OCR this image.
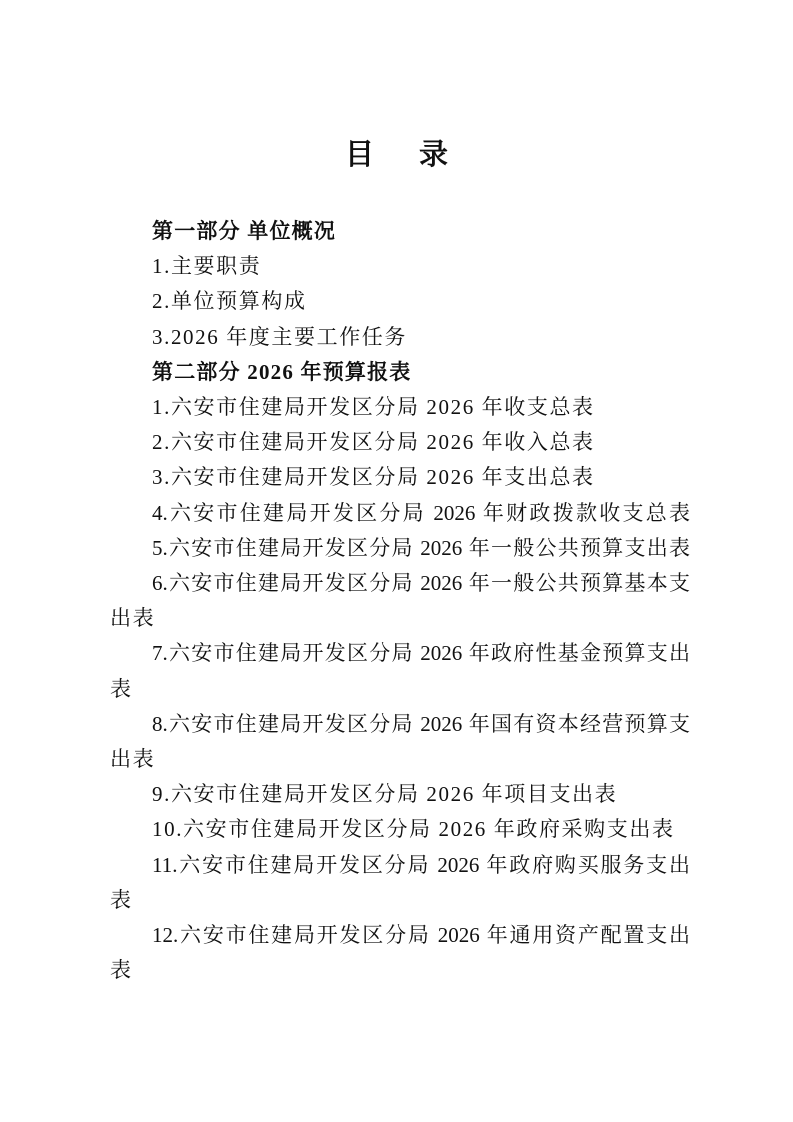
目　录
第一部分 单位概况
1.主要职责
2.单位预算构成
3.2026 年度主要工作任务
第二部分 2026 年预算报表
1.六安市住建局开发区分局 2026 年收支总表
2.六安市住建局开发区分局 2026 年收入总表
3.六安市住建局开发区分局 2026 年支出总表
4.六安市住建局开发区分局 2026 年财政拨款收支总表
5.六安市住建局开发区分局 2026 年一般公共预算支出表
6.六安市住建局开发区分局 2026 年一般公共预算基本支
出表
7.六安市住建局开发区分局 2026 年政府性基金预算支出
表
8.六安市住建局开发区分局 2026 年国有资本经营预算支
出表
9.六安市住建局开发区分局 2026 年项目支出表
10.六安市住建局开发区分局 2026 年政府采购支出表
11.六安市住建局开发区分局 2026 年政府购买服务支出
表
12.六安市住建局开发区分局 2026 年通用资产配置支出
表
